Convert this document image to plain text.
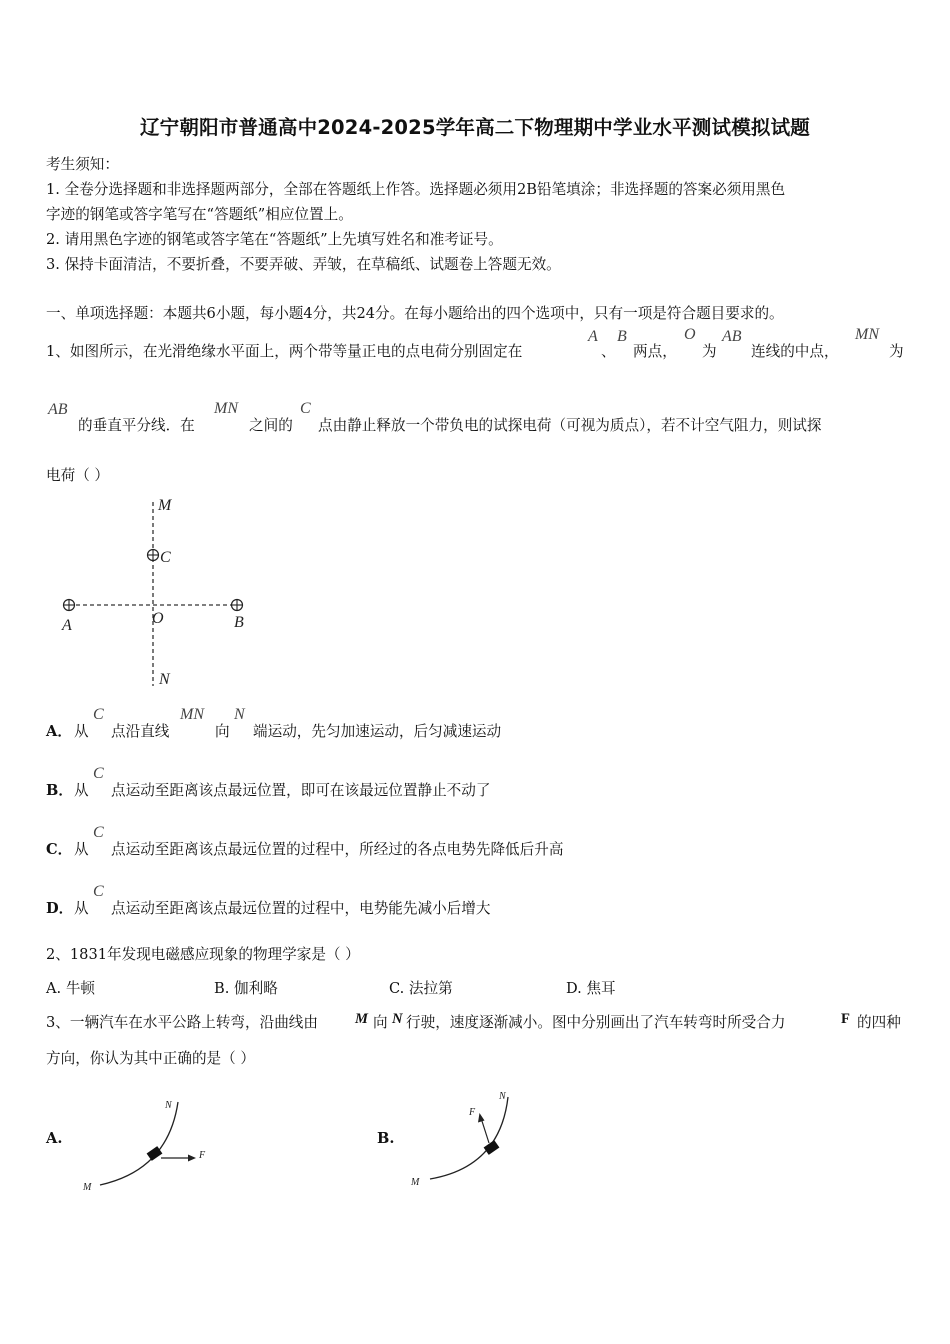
辽宁朝阳市普通高中2024-2025学年高二下物理期中学业水平测试模拟试题
考生须知：
1. 全卷分选择题和非选择题两部分，全部在答题纸上作答。选择题必须用2B铅笔填涂；非选择题的答案必须用黑色
字迹的钢笔或答字笔写在“答题纸”相应位置上。
2. 请用黑色字迹的钢笔或答字笔在“答题纸”上先填写姓名和准考证号。
3. 保持卡面清洁，不要折叠，不要弄破、弄皱，在草稿纸、试题卷上答题无效。
一、单项选择题：本题共6小题，每小题4分，共24分。在每小题给出的四个选项中，只有一项是符合题目要求的。
1、如图所示，在光滑绝缘水平面上，两个带等量正电的点电荷分别固定在
A
、
B
两点，
O
为
AB
连线的中点，
MN
为
AB
的垂直平分线．在
MN
之间的
C
点由静止释放一个带负电的试探电荷（可视为质点），若不计空气阻力，则试探
电荷（ ）
M
C
A	O	B
N
A． 从
C
点沿直线
MN
向
N
端运动，先匀加速运动，后匀减速运动
B． 从
C
点运动至距离该点最远位置，即可在该最远位置静止不动了
C． 从
C
点运动至距离该点最远位置的过程中，所经过的各点电势先降低后升高
D． 从
C
点运动至距离该点最远位置的过程中，电势能先减小后增大
2、1831年发现电磁感应现象的物理学家是（ ）
A. 牛顿	B. 伽利略	C. 法拉第	D. 焦耳
3、一辆汽车在水平公路上转弯，沿曲线由	M 向 N 行驶，速度逐渐减小。图中分别画出了汽车转弯时所受合力	F 的四种
方向，你认为其中正确的是（ ）
A.	B.
F
N
M
F
N
M
